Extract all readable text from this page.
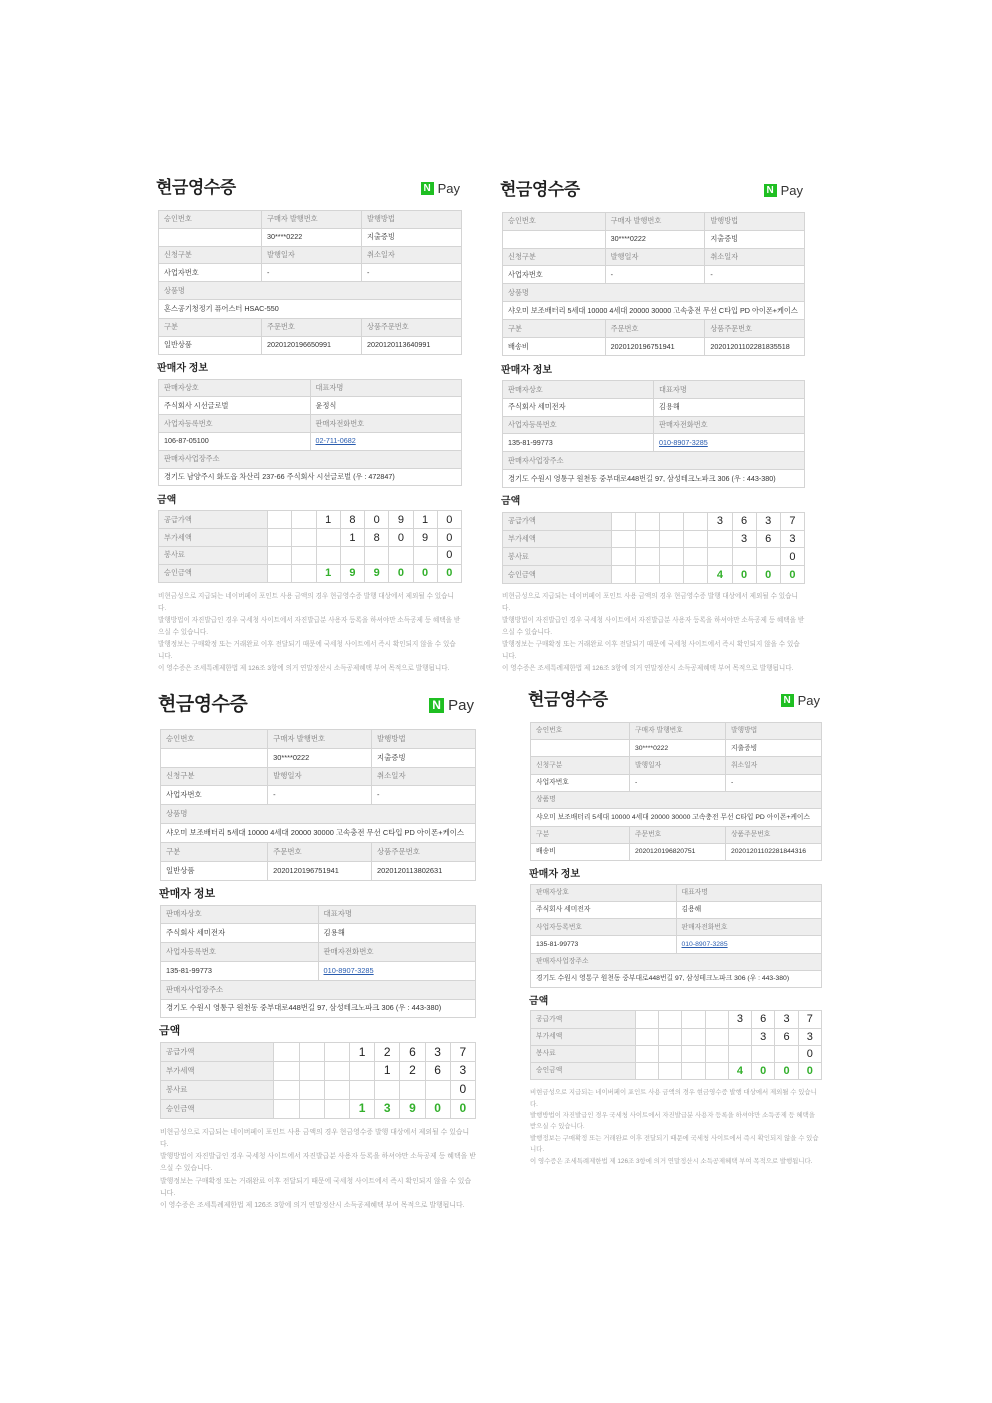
현금영수증	N Pay
승인번호	구매자 발행번호	발행방법
	30****0222	지출증빙
신청구분	발행일자	취소일자
사업자번호	-	-
상품명		
혼스공기청정기 퓨어스터 HSAC-550		
구분	주문번호	상품주문번호
일반상품	2020120196650991	2020120113640991
판매자 정보
판매자상호	대표자명
주식회사 시선글로벌	윤정식
사업자등록번호	판매자전화번호
106-87-05100	02-711-0682
판매자사업장주소	
경기도 남양주시 화도읍 차산리 237-66 주식회사 시선글로벌 (우 : 472847)	
금액
공급가액			1	8	0	9	1	0
부가세액				1	8	0	9	0
봉사료								0
승인금액			1	9	9	0	0	0

비현금성으로 지급되는 네이버페이 포인트 사용 금액의 경우 현금영수증 발행 대상에서 제외될 수 있습니다.

발행방법이 자진발급인 경우 국세청 사이트에서 자진발급분 사용자 등록을 하셔야만 소득공제 등 혜택을 받으실 수 있습니다.

발행정보는 구매확정 또는 거래완료 이후 전달되기 때문에 국세청 사이트에서 즉시 확인되지 않을 수 있습니다.

이 영수증은 조세특례제한법 제 126조 3항에 의거 연말정산시 소득공제혜택 부여 목적으로 발행됩니다.

현금영수증	N Pay
승인번호	구매자 발행번호	발행방법
	30****0222	지출증빙
신청구분	발행일자	취소일자
사업자번호	-	-
상품명		
샤오미 보조배터리 5세대 10000 4세대 20000 30000 고속충전 무선 C타입 PD 아이폰+케이스		
구분	주문번호	상품주문번호
배송비	2020120196751941	20201201102281835518
판매자 정보
판매자상호	대표자명
주식회사 세미전자	김용해
사업자등록번호	판매자전화번호
135-81-99773	010-8907-3285
판매자사업장주소	
경기도 수원시 영통구 원천동 중부대로448번길 97, 삼성테크노파크 306 (우 : 443-380)	
금액
공급가액					3	6	3	7
부가세액						3	6	3
봉사료								0
승인금액					4	0	0	0

비현금성으로 지급되는 네이버페이 포인트 사용 금액의 경우 현금영수증 발행 대상에서 제외될 수 있습니다.

발행방법이 자진발급인 경우 국세청 사이트에서 자진발급분 사용자 등록을 하셔야만 소득공제 등 혜택을 받으실 수 있습니다.

발행정보는 구매확정 또는 거래완료 이후 전달되기 때문에 국세청 사이트에서 즉시 확인되지 않을 수 있습니다.

이 영수증은 조세특례제한법 제 126조 3항에 의거 연말정산시 소득공제혜택 부여 목적으로 발행됩니다.

현금영수증	N Pay
승인번호	구매자 발행번호	발행방법
	30****0222	지출증빙
신청구분	발행일자	취소일자
사업자번호	-	-
상품명		
샤오미 보조배터리 5세대 10000 4세대 20000 30000 고속충전 무선 C타입 PD 아이폰+케이스		
구분	주문번호	상품주문번호
일반상품	2020120196751941	2020120113802631
판매자 정보
판매자상호	대표자명
주식회사 세미전자	김용해
사업자등록번호	판매자전화번호
135-81-99773	010-8907-3285
판매자사업장주소	
경기도 수원시 영통구 원천동 중부대로448번길 97, 삼성테크노파크 306 (우 : 443-380)	
금액
공급가액				1	2	6	3	7
부가세액					1	2	6	3
봉사료								0
승인금액				1	3	9	0	0

비현금성으로 지급되는 네이버페이 포인트 사용 금액의 경우 현금영수증 발행 대상에서 제외될 수 있습니다.

발행방법이 자진발급인 경우 국세청 사이트에서 자진발급분 사용자 등록을 하셔야만 소득공제 등 혜택을 받으실 수 있습니다.

발행정보는 구매확정 또는 거래완료 이후 전달되기 때문에 국세청 사이트에서 즉시 확인되지 않을 수 있습니다.

이 영수증은 조세특례제한법 제 126조 3항에 의거 연말정산시 소득공제혜택 부여 목적으로 발행됩니다.

현금영수증	N Pay
승인번호	구매자 발행번호	발행방법
	30****0222	지출증빙
신청구분	발행일자	취소일자
사업자번호	-	-
상품명		
샤오미 보조배터리 5세대 10000 4세대 20000 30000 고속충전 무선 C타입 PD 아이폰+케이스		
구분	주문번호	상품주문번호
배송비	2020120196820751	20201201102281844316
판매자 정보
판매자상호	대표자명
주식회사 세미전자	김용해
사업자등록번호	판매자전화번호
135-81-99773	010-8907-3285
판매자사업장주소	
경기도 수원시 영통구 원천동 중부대로448번길 97, 삼성테크노파크 306 (우 : 443-380)	
금액
공급가액					3	6	3	7
부가세액						3	6	3
봉사료								0
승인금액					4	0	0	0

비현금성으로 지급되는 네이버페이 포인트 사용 금액의 경우 현금영수증 발행 대상에서 제외될 수 있습니다.

발행방법이 자진발급인 경우 국세청 사이트에서 자진발급분 사용자 등록을 하셔야만 소득공제 등 혜택을 받으실 수 있습니다.

발행정보는 구매확정 또는 거래완료 이후 전달되기 때문에 국세청 사이트에서 즉시 확인되지 않을 수 있습니다.

이 영수증은 조세특례제한법 제 126조 3항에 의거 연말정산시 소득공제혜택 부여 목적으로 발행됩니다.
